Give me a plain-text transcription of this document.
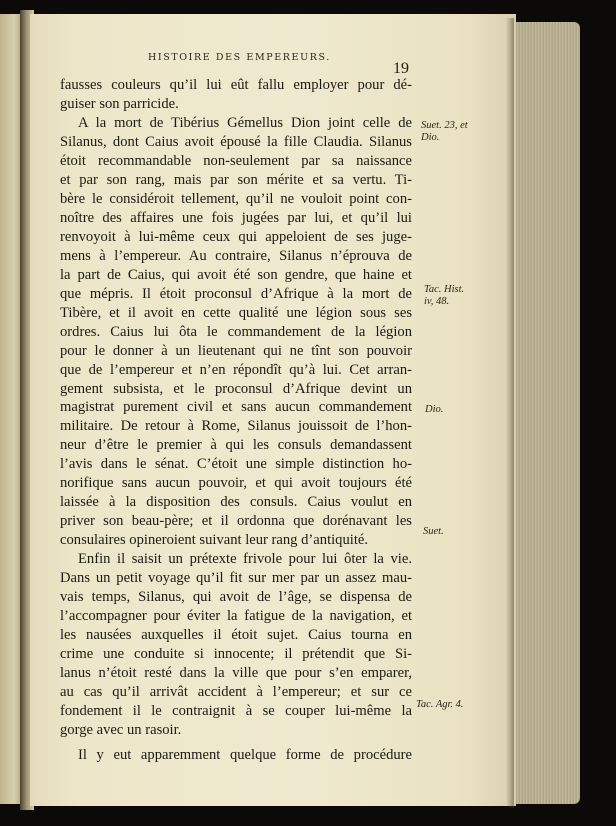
HISTOIRE DES EMPEREURS.
19
fausses couleurs qu’il lui eût fallu employer pour dé-
guiser son parricide.
A la mort de Tibérius Gémellus Dion joint celle de
Silanus, dont Caius avoit épousé la fille Claudia. Silanus
étoit recommandable non-seulement par sa naissance
et par son rang, mais par son mérite et sa vertu. Ti-
bère le considéroit tellement, qu’il ne vouloit point con-
noître des affaires une fois jugées par lui, et qu’il lui
renvoyoit à lui-même ceux qui appeloient de ses juge-
mens à l’empereur. Au contraire, Silanus n’éprouva de
la part de Caius, qui avoit été son gendre, que haine et
que mépris. Il étoit proconsul d’Afrique à la mort de
Tibère, et il avoit en cette qualité une légion sous ses
ordres. Caius lui ôta le commandement de la légion
pour le donner à un lieutenant qui ne tînt son pouvoir
que de l’empereur et n’en répondît qu’à lui. Cet arran-
gement subsista, et le proconsul d’Afrique devint un
magistrat purement civil et sans aucun commandement
militaire. De retour à Rome, Silanus jouissoit de l’hon-
neur d’être le premier à qui les consuls demandassent
l’avis dans le sénat. C’étoit une simple distinction ho-
norifique sans aucun pouvoir, et qui avoit toujours été
laissée à la disposition des consuls. Caius voulut en
priver son beau-père; et il ordonna que dorénavant les
consulaires opineroient suivant leur rang d’antiquité.
Enfin il saisit un prétexte frivole pour lui ôter la vie.
Dans un petit voyage qu’il fit sur mer par un assez mau-
vais temps, Silanus, qui avoit de l’âge, se dispensa de
l’accompagner pour éviter la fatigue de la navigation, et
les nausées auxquelles il étoit sujet. Caius tourna en
crime une conduite si innocente; il prétendit que Si-
lanus n’étoit resté dans la ville que pour s’en emparer,
au cas qu’il arrivât accident à l’empereur; et sur ce
fondement il le contraignit à se couper lui-même la
gorge avec un rasoir.
Il y eut apparemment quelque forme de procédure
Suet. 23, et
Dio.
Tac. Hist.
iv, 48.
Dio.
Suet.
Tac. Agr. 4.
